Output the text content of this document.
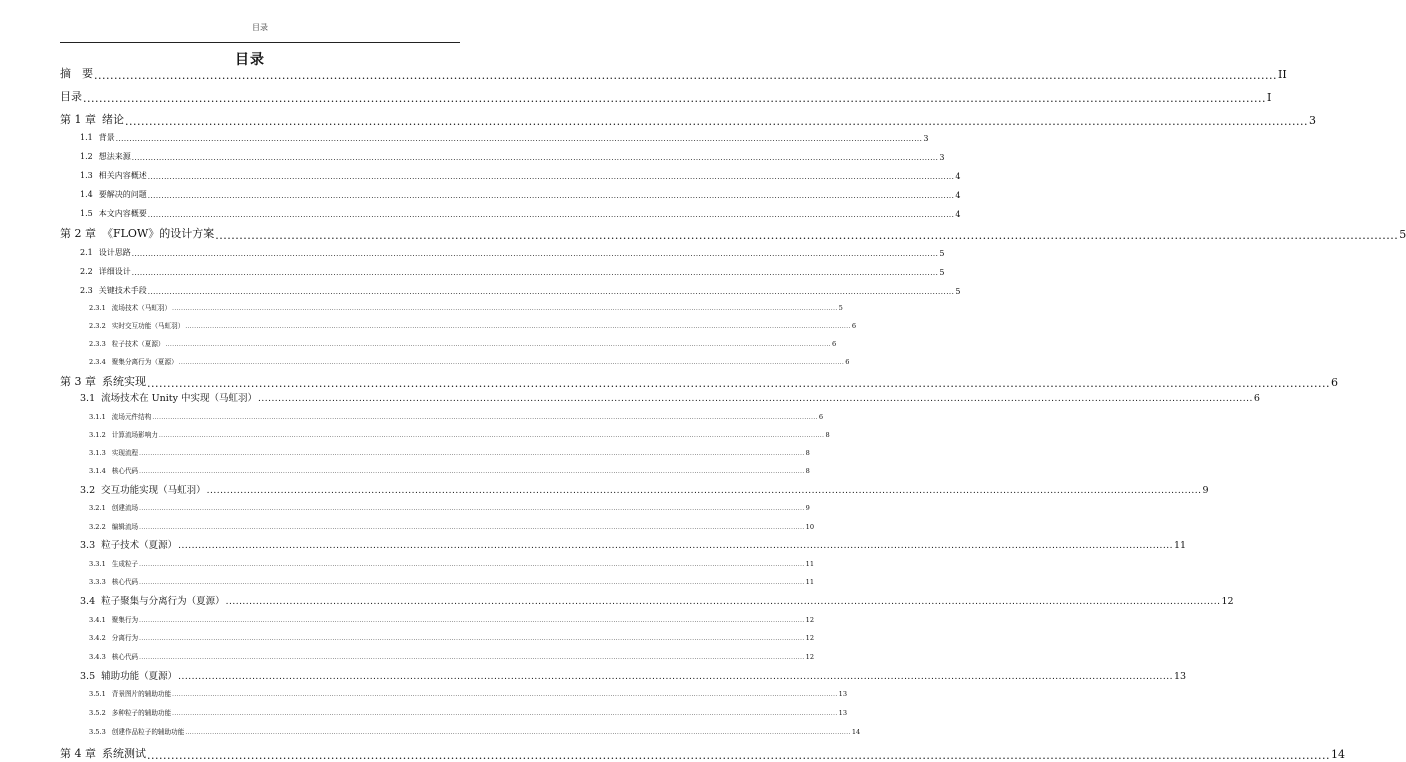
目录
目录
摘　要 .....	II
目录 .....	I
第 1 章 绪论 .....	3
1.1 背景 .....	3
1.2 想法来源 .....	3
1.3 相关内容概述 .....	4
1.4 要解决的问题 .....	4
1.5 本文内容概要 .....	4
第 2 章 《FLOW》的设计方案 .....	5
2.1 设计思路 .....	5
2.2 详细设计 .....	5
2.3 关键技术手段 .....	5
2.3.1 流场技术（马虹羽） .....	5
2.3.2 实时交互功能（马虹羽） .....	6
2.3.3 粒子技术（夏源） .....	6
2.3.4 聚集分离行为（夏源） .....	6
第 3 章 系统实现 .....	6
3.1 流场技术在 Unity 中实现（马虹羽） .....	6
3.1.1 流场元件结构 .....	6
3.1.2 计算流场影响力 .....	8
3.1.3 实现流程 .....	8
3.1.4 核心代码 .....	8
3.2 交互功能实现（马虹羽） .....	9
3.2.1 创建流场 .....	9
3.2.2 编辑流场 .....	10
3.3 粒子技术（夏源） .....	11
3.3.1 生成粒子 .....	11
3.3.3 核心代码 .....	11
3.4 粒子聚集与分离行为（夏源） .....	12
3.4.1 聚集行为 .....	12
3.4.2 分离行为 .....	12
3.4.3 核心代码 .....	12
3.5 辅助功能（夏源） .....	13
3.5.1 背景图片的辅助功能 .....	13
3.5.2 多种粒子的辅助功能 .....	13
3.5.3 创建作品粒子的辅助功能 .....	14
第 4 章 系统测试 .....	14
